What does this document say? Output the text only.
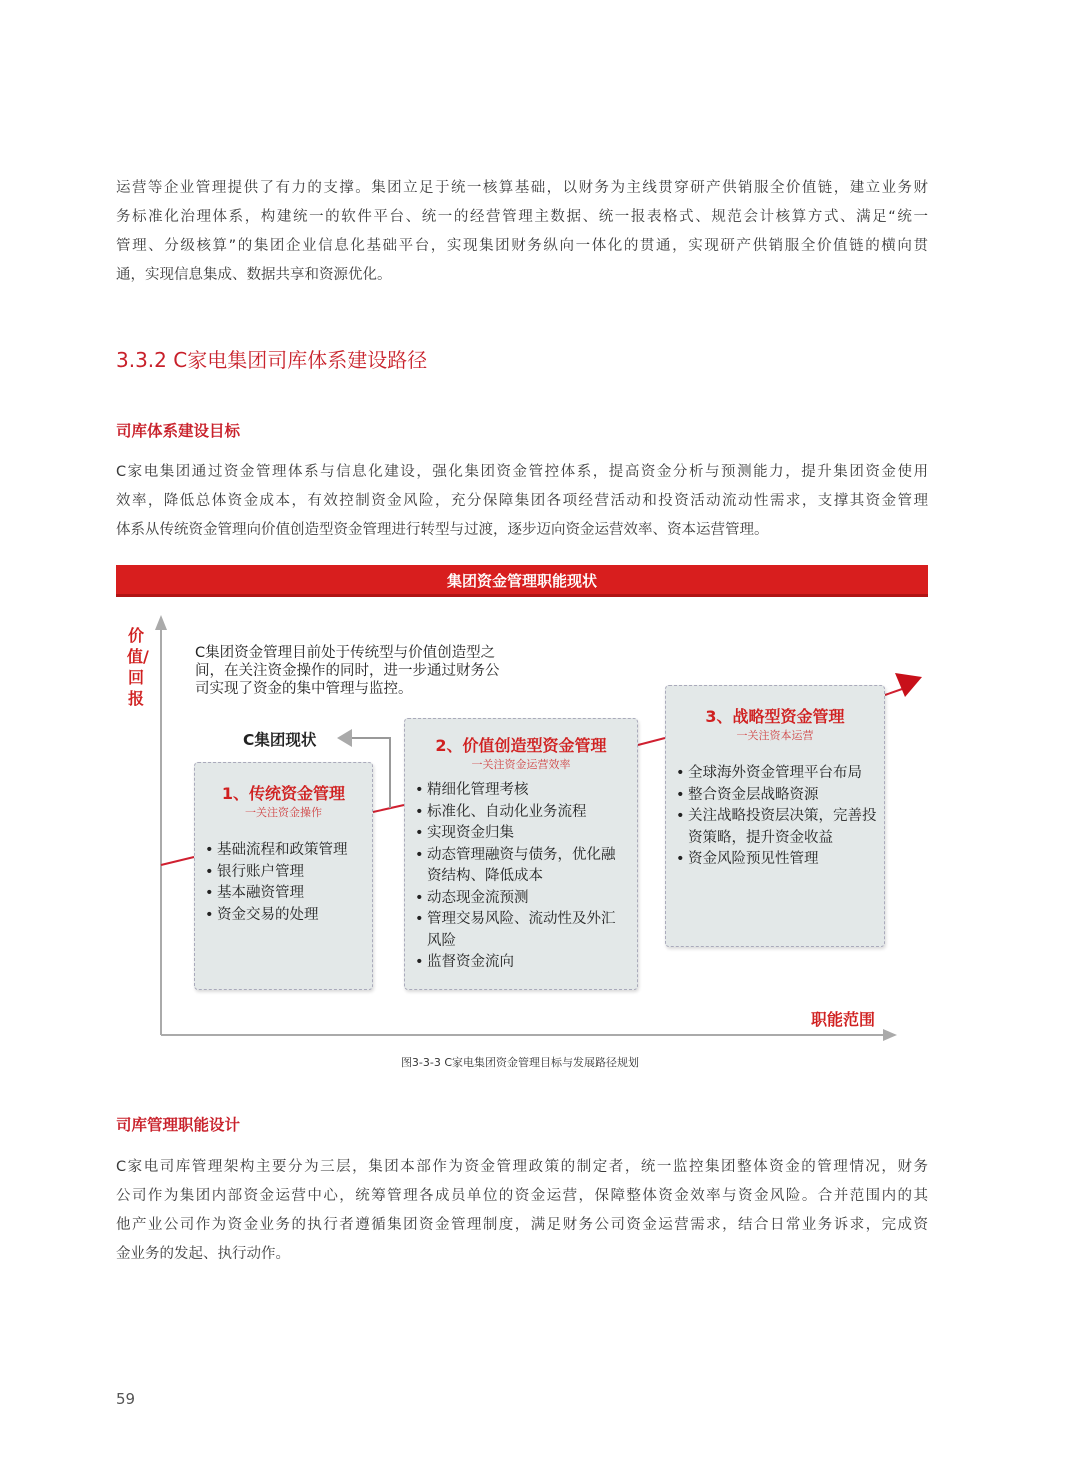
运营等企业管理提供了有力的支撑。集团立足于统一核算基础，以财务为主线贯穿研产供销服全价值链，建立业务财
务标准化治理体系，构建统一的软件平台、统一的经营管理主数据、统一报表格式、规范会计核算方式、满足“统一
管理、分级核算”的集团企业信息化基础平台，实现集团财务纵向一体化的贯通，实现研产供销服全价值链的横向贯
通，实现信息集成、数据共享和资源优化。
3.3.2 C家电集团司库体系建设路径
司库体系建设目标
C家电集团通过资金管理体系与信息化建设，强化集团资金管控体系，提高资金分析与预测能力，提升集团资金使用
效率，降低总体资金成本，有效控制资金风险，充分保障集团各项经营活动和投资活动流动性需求，支撑其资金管理
体系从传统资金管理向价值创造型资金管理进行转型与过渡，逐步迈向资金运营效率、资本运营管理。
集团资金管理职能现状
价值/回报
职能范围
C集团资金管理目前处于传统型与价值创造型之
间，在关注资金操作的同时，进一步通过财务公
司实现了资金的集中管理与监控。
C集团现状
1、传统资金管理
一关注资金操作
• 基础流程和政策管理
• 银行账户管理
• 基本融资管理
• 资金交易的处理
2、价值创造型资金管理
一关注资金运营效率
• 精细化管理考核
• 标准化、自动化业务流程
• 实现资金归集
• 动态管理融资与债务，优化融资结构、降低成本
• 动态现金流预测
• 管理交易风险、流动性及外汇风险
• 监督资金流向
3、战略型资金管理
一关注资本运营
• 全球海外资金管理平台布局
• 整合资金层战略资源
• 关注战略投资层决策，完善投资策略，提升资金收益
• 资金风险预见性管理
图3-3-3 C家电集团资金管理目标与发展路径规划
司库管理职能设计
C家电司库管理架构主要分为三层，集团本部作为资金管理政策的制定者，统一监控集团整体资金的管理情况，财务
公司作为集团内部资金运营中心，统筹管理各成员单位的资金运营，保障整体资金效率与资金风险。合并范围内的其
他产业公司作为资金业务的执行者遵循集团资金管理制度，满足财务公司资金运营需求，结合日常业务诉求，完成资
金业务的发起、执行动作。
59
